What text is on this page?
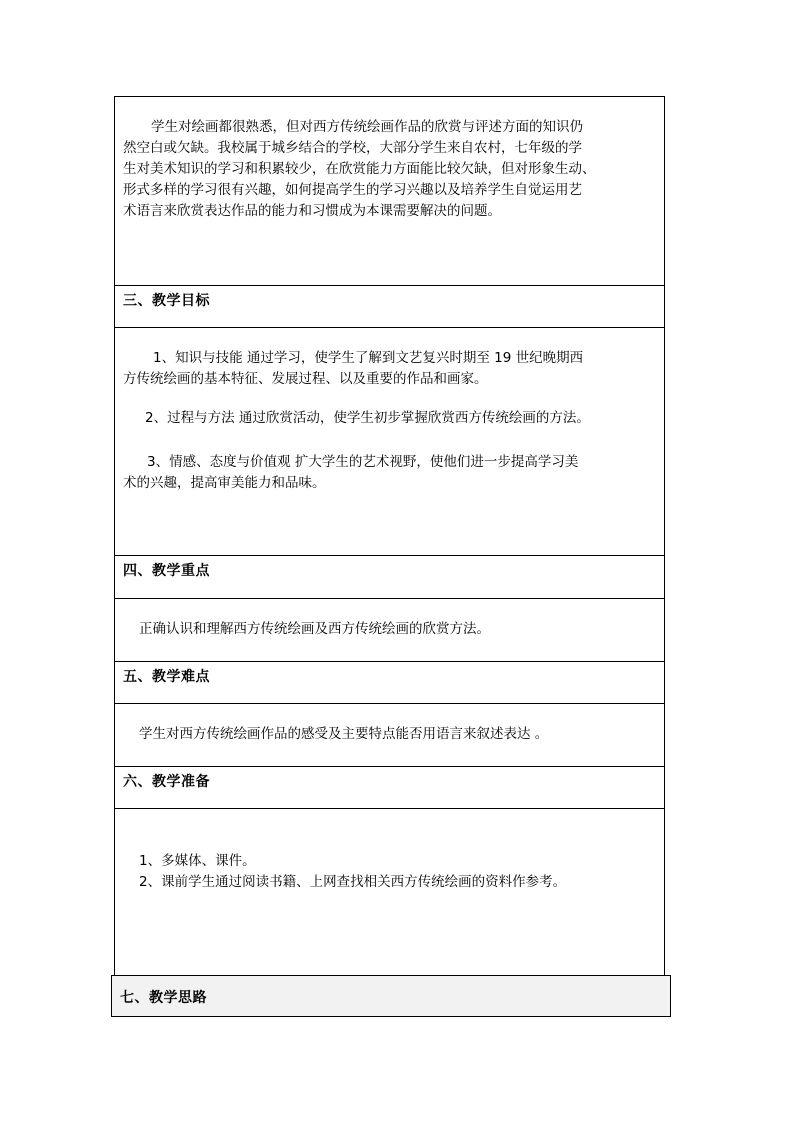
学生对绘画都很熟悉，但对西方传统绘画作品的欣赏与评述方面的知识仍
然空白或欠缺。我校属于城乡结合的学校，大部分学生来自农村，七年级的学
生对美术知识的学习和积累较少，在欣赏能力方面能比较欠缺，但对形象生动、
形式多样的学习很有兴趣，如何提高学生的学习兴趣以及培养学生自觉运用艺
术语言来欣赏表达作品的能力和习惯成为本课需要解决的问题。
三、教学目标
1、知识与技能 通过学习，使学生了解到文艺复兴时期至 19 世纪晚期西
方传统绘画的基本特征、发展过程、以及重要的作品和画家。
2、过程与方法 通过欣赏活动，使学生初步掌握欣赏西方传统绘画的方法。
3、情感、态度与价值观 扩大学生的艺术视野，使他们进一步提高学习美
术的兴趣，提高审美能力和品味。
四、教学重点
正确认识和理解西方传统绘画及西方传统绘画的欣赏方法。
五、教学难点
学生对西方传统绘画作品的感受及主要特点能否用语言来叙述表达 。
六、教学准备
1、多媒体、课件。
2、课前学生通过阅读书籍、上网查找相关西方传统绘画的资料作参考。
七、教学思路
